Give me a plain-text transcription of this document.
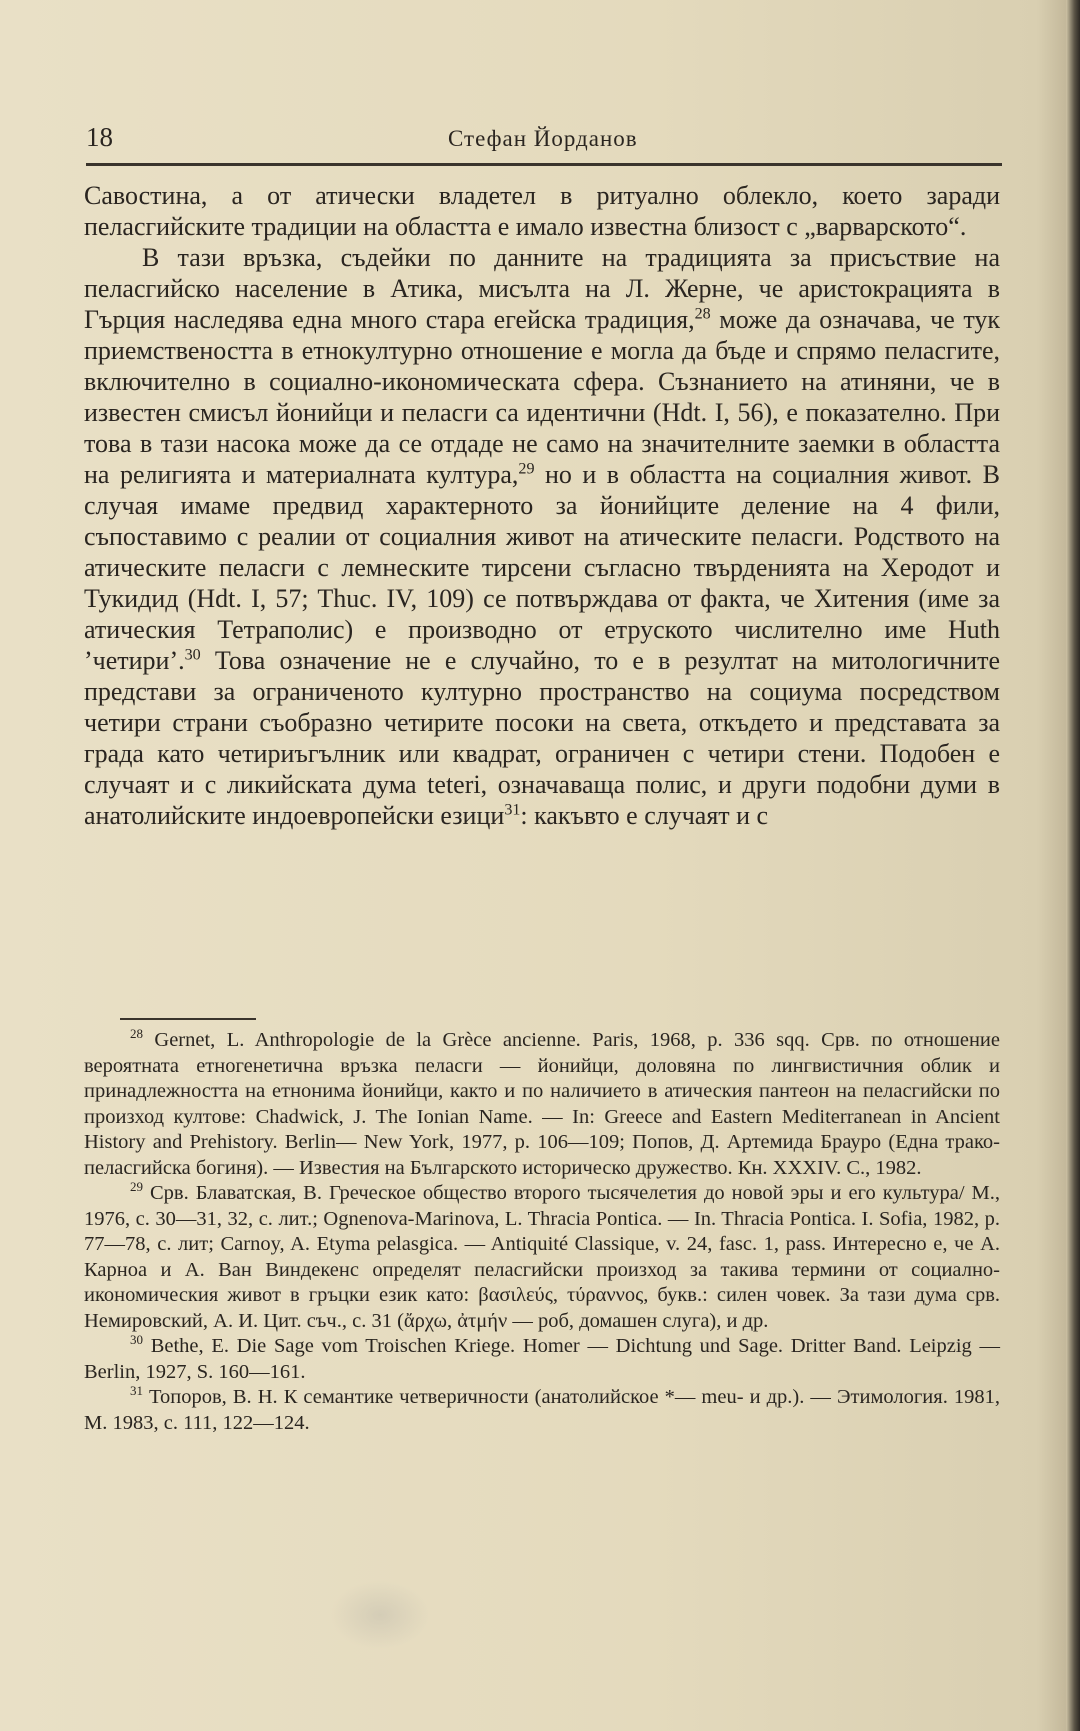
18	Стефан Йорданов

Савостина, а от атически владетел в ритуално облекло, което заради пеласгийските традиции на областта е имало известна близост с „варварското“.

В тази връзка, съдейки по данните на традицията за присъствие на пеласгийско население в Атика, мисълта на Л. Жерне, че аристокрацията в Гърция наследява една много стара егейска традиция,$^{28}$ може да означава, че тук приемствеността в етнокултурно отношение е могла да бъде и спрямо пеласгите, включително в социално-икономическата сфера. Съзнанието на атиняни, че в известен смисъл йонийци и пеласги са идентични (Hdt. I, 56), е показателно. При това в тази насока може да се отдаде не само на значителните заемки в областта на религията и материалната култура,$^{29}$ но и в областта на социалния живот. В случая имаме предвид характерното за йонийците деление на 4 фили, съпоставимо с реалии от социалния живот на атическите пеласги. Родството на атическите пеласги с лемнеските тирсени съгласно твърденията на Херодот и Тукидид (Hdt. I, 57; Thuc. IV, 109) се потвърждава от факта, че Хитения (име за атическия Тетраполис) е производно от етруското числително име Huth ’четири’.$^{30}$ Това означение не е случайно, то е в резултат на митологичните представи за ограниченото културно пространство на социума посредством четири страни съобразно четирите посоки на света, откъдето и представата за града като четириъгълник или квадрат, ограничен с четири стени. Подобен е случаят и с ликийската дума teteri, означаваща полис, и други подобни думи в анатолийските индоевропейски езици$^{31}$: какъвто е случаят и с

$^{28}$ Gernet, L. Anthropologie de la Grèce ancienne. Paris, 1968, p. 336 sqq. Срв. по отношение вероятната етногенетична връзка пеласги — йонийци, доловяна по лингвистичния облик и принадлежността на етнонима йонийци, както и по наличието в атическия пантеон на пеласгийски по произход култове: Chadwick, J. The Ionian Name. — In: Greece and Eastern Mediterranean in Ancient History and Prehistory. Berlin— New York, 1977, p. 106—109; Попов, Д. Артемида Брауро (Една трако-пеласгийска богиня). — Известия на Българското историческо дружество. Кн. XXXIV. С., 1982.

$^{29}$ Срв. Блаватская, В. Греческое общество второго тысячелетия до новой эры и его культура/ М., 1976, с. 30—31, 32, с. лит.; Ognenova-Marinova, L. Thracia Pontica. — In. Thracia Pontica. I. Sofia, 1982, p. 77—78, с. лит; Carnoy, A. Etyma pelasgica. — Antiquité Classique, v. 24, fasc. 1, pass. Интересно е, че А. Карноа и А. Ван Виндекенс определят пеласгийски произход за такива термини от социално-икономическия живот в гръцки език като: βασιλεύς, τύραννος, букв.: силен човек. За тази дума срв. Немировский, А. И. Цит. съч., с. 31 (ἄρχω, ἀτμήν — роб, домашен слуга), и др.

$^{30}$ Bethe, E. Die Sage vom Troischen Kriege. Homer — Dichtung und Sage. Dritter Band. Leipzig — Berlin, 1927, S. 160—161.

$^{31}$ Топоров, В. Н. К семантике четверичности (анатолийское *— meu- и др.). — Этимология. 1981, М. 1983, с. 111, 122—124.
